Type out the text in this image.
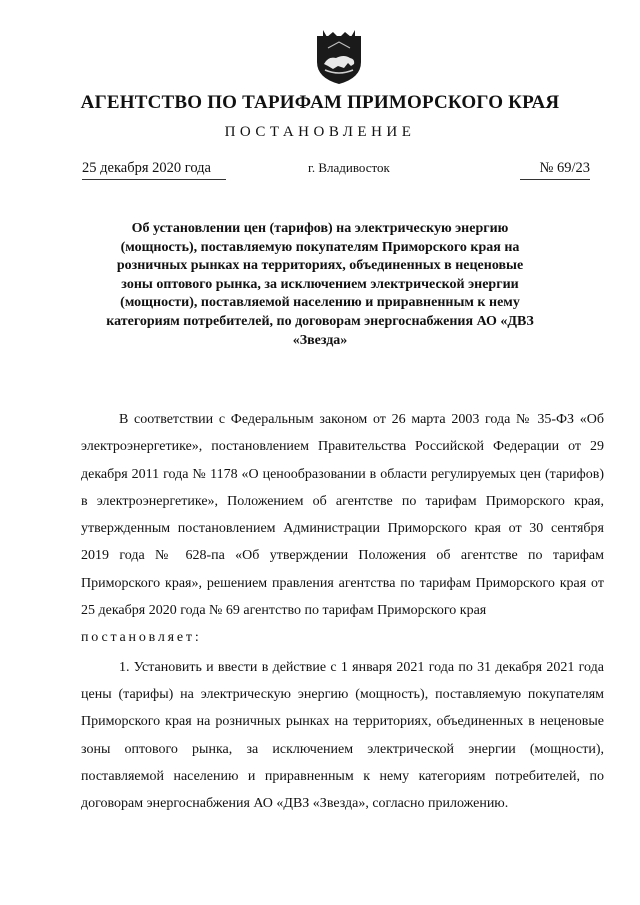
АГЕНТСТВО ПО ТАРИФАМ ПРИМОРСКОГО КРАЯ
ПОСТАНОВЛЕНИЕ
25 декабря 2020 года	г. Владивосток	№ 69/23
Об установлении цен (тарифов) на электрическую энергию (мощность), поставляемую покупателям Приморского края на розничных рынках на территориях, объединенных в неценовые зоны оптового рынка, за исключением электрической энергии (мощности), поставляемой населению и приравненным к нему категориям потребителей, по договорам энергоснабжения АО «ДВЗ «Звезда»

В соответствии с Федеральным законом от 26 марта 2003 года № 35-ФЗ «Об электроэнергетике», постановлением Правительства Российской Федерации от 29 декабря 2011 года № 1178 «О ценообразовании в области регулируемых цен (тарифов) в электроэнергетике», Положением об агентстве по тарифам Приморского края, утвержденным постановлением Администрации Приморского края от 30 сентября 2019 года № 628-па «Об утверждении Положения об агентстве по тарифам Приморского края», решением правления агентства по тарифам Приморского края от 25 декабря 2020 года № 69 агентство по тарифам Приморского края

постановляет:

1. Установить и ввести в действие с 1 января 2021 года по 31 декабря 2021 года цены (тарифы) на электрическую энергию (мощность), поставляемую покупателям Приморского края на розничных рынках на территориях, объединенных в неценовые зоны оптового рынка, за исключением электрической энергии (мощности), поставляемой населению и приравненным к нему категориям потребителей, по договорам энергоснабжения АО «ДВЗ «Звезда», согласно приложению.
